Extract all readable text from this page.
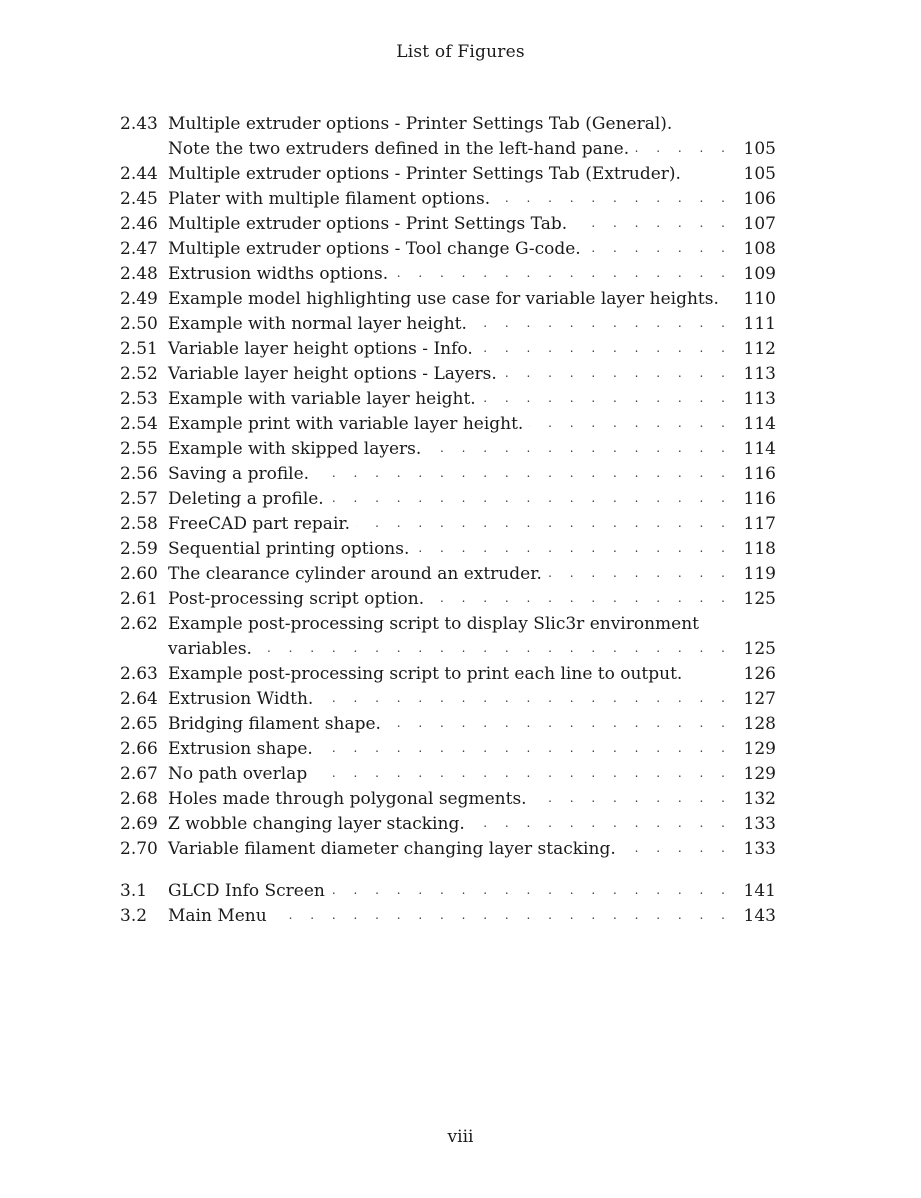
List of Figures
2.43 Multiple extruder options - Printer Settings Tab (General).
Note the two extruders defined in the left-hand pane. . . .	105
2.44 Multiple extruder options - Printer Settings Tab (Extruder).	105
2.45 Plater with multiple filament options. . . .	106
2.46 Multiple extruder options - Print Settings Tab. . . .	107
2.47 Multiple extruder options - Tool change G-code. . . .	108
2.48 Extrusion widths options. . . .	109
2.49 Example model highlighting use case for variable layer heights.	110
2.50 Example with normal layer height. . . .	111
2.51 Variable layer height options - Info. . . .	112
2.52 Variable layer height options - Layers. . . .	113
2.53 Example with variable layer height. . . .	113
2.54 Example print with variable layer height. . . .	114
2.55 Example with skipped layers. . . .	114
2.56 Saving a profile. . . .	116
2.57 Deleting a profile. . . .	116
2.58 FreeCAD part repair. . . .	117
2.59 Sequential printing options. . . .	118
2.60 The clearance cylinder around an extruder. . . .	119
2.61 Post-processing script option. . . .	125
2.62 Example post-processing script to display Slic3r environment
variables. . . .	125
2.63 Example post-processing script to print each line to output.	126
2.64 Extrusion Width. . . .	127
2.65 Bridging filament shape. . . .	128
2.66 Extrusion shape. . . .	129
2.67 No path overlap . . .	129
2.68 Holes made through polygonal segments. . . .	132
2.69 Z wobble changing layer stacking. . . .	133
2.70 Variable filament diameter changing layer stacking. . . .	133
3.1	GLCD Info Screen . . .	141
3.2	Main Menu . . .	143
viii
